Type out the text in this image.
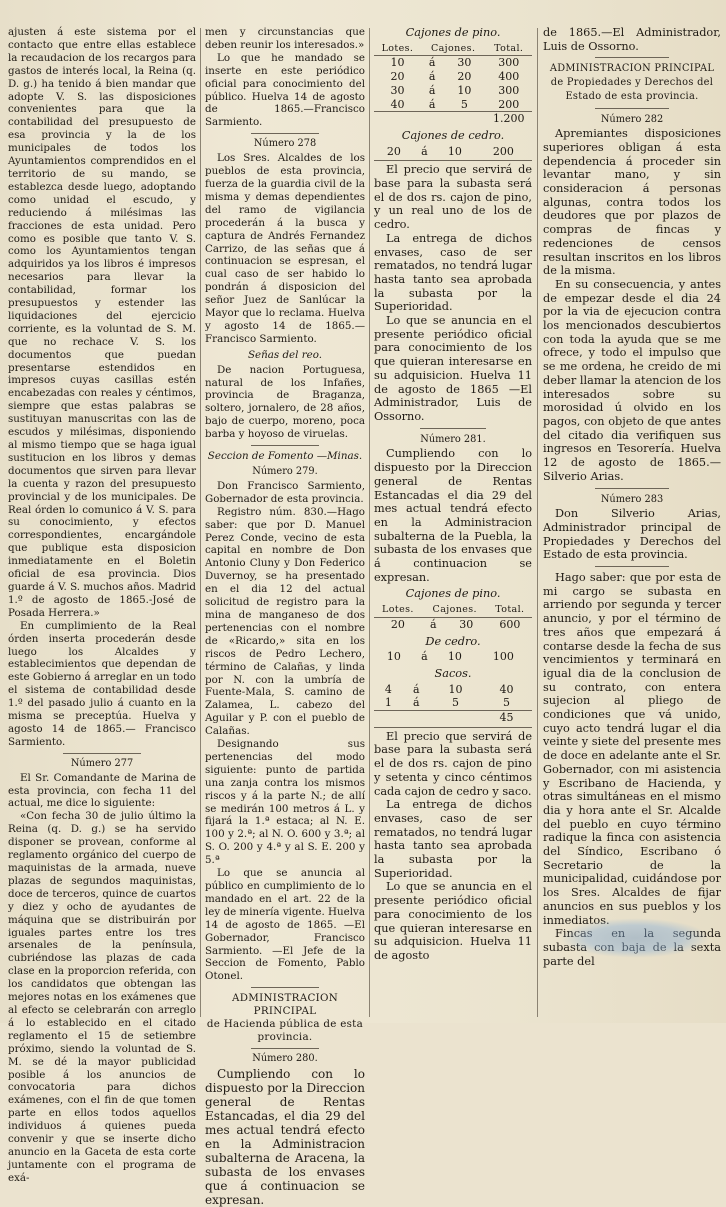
ajusten á este sistema por el contacto que entre ellas establece la recaudacion de los recargos para gastos de interés local, la Reina (q. D. g.) ha tenido á bien mandar que adopte V. S. las disposiciones convenientes para que la contabilidad del presupuesto de esa provincia y la de los municipales de todos los Ayuntamientos comprendidos en el territorio de su mando, se establezca desde luego, adoptando como unidad el escudo, y reduciendo á milésimas las fracciones de esta unidad. Pero como es posible que tanto V. S. como los Ayuntamientos tengan adquiridos ya los libros é impresos necesarios para llevar la contabilidad, formar los presupuestos y estender las liquidaciones del ejercicio corriente, es la voluntad de S. M. que no rechace V. S. los documentos que puedan presentarse estendidos en impresos cuyas casillas estén encabezadas con reales y céntimos, siempre que estas palabras se sustituyan manuscritas con las de escudos y milésimas, disponiendo al mismo tiempo que se haga igual sustitucion en los libros y demas documentos que sirven para llevar la cuenta y razon del presupuesto provincial y de los municipales. De Real órden lo comunico á V. S. para su conocimiento, y efectos correspondientes, encargándole que publique esta disposicion inmediatamente en el Boletin oficial de esa provincia. Dios guarde á V. S. muchos años. Madrid 1.º de agosto de 1865.-José de Posada Herrera.»

En cumplimiento de la Real órden inserta procederán desde luego los Alcaldes y establecimientos que dependan de este Gobierno á arreglar en un todo el sistema de contabilidad desde 1.º del pasado julio á cuanto en la misma se preceptúa. Huelva y agosto 14 de 1865.— Francisco Sarmiento.

Número 277

El Sr. Comandante de Marina de esta provincia, con fecha 11 del actual, me dice lo siguiente:

«Con fecha 30 de julio último la Reina (q. D. g.) se ha servido disponer se provean, conforme al reglamento orgánico del cuerpo de maquinistas de la armada, nueve plazas de segundos maquinistas, doce de terceros, quince de cuartos y diez y ocho de ayudantes de máquina que se distribuirán por iguales partes entre los tres arsenales de la península, cubriéndose las plazas de cada clase en la proporcion referida, con los candidatos que obtengan las mejores notas en los exámenes que al efecto se celebrarán con arreglo á lo establecido en el citado reglamento el 15 de setiembre próximo, siendo la voluntad de S. M. se dé la mayor publicidad posible á los anuncios de convocatoria para dichos exámenes, con el fin de que tomen parte en ellos todos aquellos individuos á quienes pueda convenir y que se inserte dicho anuncio en la Gaceta de esta corte juntamente con el programa de exá-

men y circunstancias que deben reunir los interesados.»

Lo que he mandado se inserte en este periódico oficial para conocimiento del público. Huelva 14 de agosto de 1865.—Francisco Sarmiento.

Número 278

Los Sres. Alcaldes de los pueblos de esta provincia, fuerza de la guardia civil de la misma y demas dependientes del ramo de vigilancia procederán á la busca y captura de Andrés Fernandez Carrizo, de las señas que á continuacion se espresan, el cual caso de ser habido lo pondrán á disposicion del señor Juez de Sanlúcar la Mayor que lo reclama. Huelva y agosto 14 de 1865.—Francisco Sarmiento.

Señas del reo.

De nacion Portuguesa, natural de los Infañes, provincia de Braganza, soltero, jornalero, de 28 años, bajo de cuerpo, moreno, poca barba y hoyoso de viruelas.

Seccion de Fomento —Minas.

Número 279.

Don Francisco Sarmiento, Gobernador de esta provincia.

Registro núm. 830.—Hago saber: que por D. Manuel Perez Conde, vecino de esta capital en nombre de Don Antonio Cluny y Don Federico Duvernoy, se ha presentado en el dia 12 del actual solicitud de registro para la mina de manganeso de dos pertenencias con el nombre de «Ricardo,» sita en los riscos de Pedro Lechero, término de Calañas, y linda por N. con la umbría de Fuente-Mala, S. camino de Zalamea, L. cabezo del Aguilar y P. con el pueblo de Calañas.

Designando sus pertenencias del modo siguiente: punto de partida una zanja contra los mismos riscos y á la parte N.; de allí se medirán 100 metros á L. y fijará la 1.ª estaca; al N. E. 100 y 2.ª; al N. O. 600 y 3.ª; al S. O. 200 y 4.ª y al S. E. 200 y 5.ª

Lo que se anuncia al público en cumplimiento de lo mandado en el art. 22 de la ley de minería vigente. Huelva 14 de agosto de 1865. —El Gobernador, Francisco Sarmiento. —El Jefe de la Seccion de Fomento, Pablo Otonel.

ADMINISTRACION PRINCIPAL

de Hacienda pública de esta provincia.

Número 280.

Cumpliendo con lo dispuesto por la Direccion general de Rentas Estancadas, el dia 29 del mes actual tendrá efecto en la Administracion subalterna de Aracena, la subasta de los envases que á continuacion se expresan.

Cajones de pino.

Lotes.	Cajones.		Total.
10	á	30	300
20	á	20	400
30	á	10	300
40	á	5	200
			1.200

Cajones de cedro.

20	á	10	200

El precio que servirá de base para la subasta será el de dos rs. cajon de pino, y un real uno de los de cedro.

La entrega de dichos envases, caso de ser rematados, no tendrá lugar hasta tanto sea aprobada la subasta por la Superioridad.

Lo que se anuncia en el presente periódico oficial para conocimiento de los que quieran interesarse en su adquisicion. Huelva 11 de agosto de 1865 —El Administrador, Luis de Ossorno.

Número 281.

Cumpliendo con lo dispuesto por la Direccion general de Rentas Estancadas el dia 29 del mes actual tendrá efecto en la Administracion subalterna de la Puebla, la subasta de los envases que á continuacion se expresan.

Cajones de pino.

Lotes.	Cajones.		Total.
20	á	30	600

De cedro.

10	á	10	100

Sacos.

4	á	10	40
1	á	5	5
			45

El precio que servirá de base para la subasta será el de dos rs. cajon de pino y setenta y cinco céntimos cada cajon de cedro y saco.

La entrega de dichos envases, caso de ser rematados, no tendrá lugar hasta tanto sea aprobada la subasta por la Superioridad.

Lo que se anuncia en el presente periódico oficial para conocimiento de los que quieran interesarse en su adquisicion. Huelva 11 de agosto

de 1865.—El Administrador, Luis de Ossorno.

ADMINISTRACION PRINCIPAL

de Propiedades y Derechos del Estado de esta provincia.

Número 282

Apremiantes disposiciones superiores obligan á esta dependencia á proceder sin levantar mano, y sin consideracion á personas algunas, contra todos los deudores que por plazos de compras de fincas y redenciones de censos resultan inscritos en los libros de la misma.

En su consecuencia, y antes de empezar desde el dia 24 por la via de ejecucion contra los mencionados descubiertos con toda la ayuda que se me ofrece, y todo el impulso que se me ordena, he creido de mi deber llamar la atencion de los interesados sobre su morosidad ú olvido en los pagos, con objeto de que antes del citado dia verifiquen sus ingresos en Tesorería. Huelva 12 de agosto de 1865.—Silverio Arias.

Número 283

Don Silverio Arias, Administrador principal de Propiedades y Derechos del Estado de esta provincia.

Hago saber: que por esta de mi cargo se subasta en arriendo por segunda y tercer anuncio, y por el término de tres años que empezará á contarse desde la fecha de sus vencimientos y terminará en igual dia de la conclusion de su contrato, con entera sujecion al pliego de condiciones que vá unido, cuyo acto tendrá lugar el dia veinte y siete del presente mes de doce en adelante ante el Sr. Gobernador, con mi asistencia y Escribano de Hacienda, y otras simultáneas en el mismo dia y hora ante el Sr. Alcalde del pueblo en cuyo término radique la finca con asistencia del Síndico, Escribano ó Secretario de la municipalidad, cuidándose por los Sres. Alcaldes de fijar anuncios en sus pueblos y los inmediatos.

Fincas en la segunda subasta con baja de la sexta parte del
